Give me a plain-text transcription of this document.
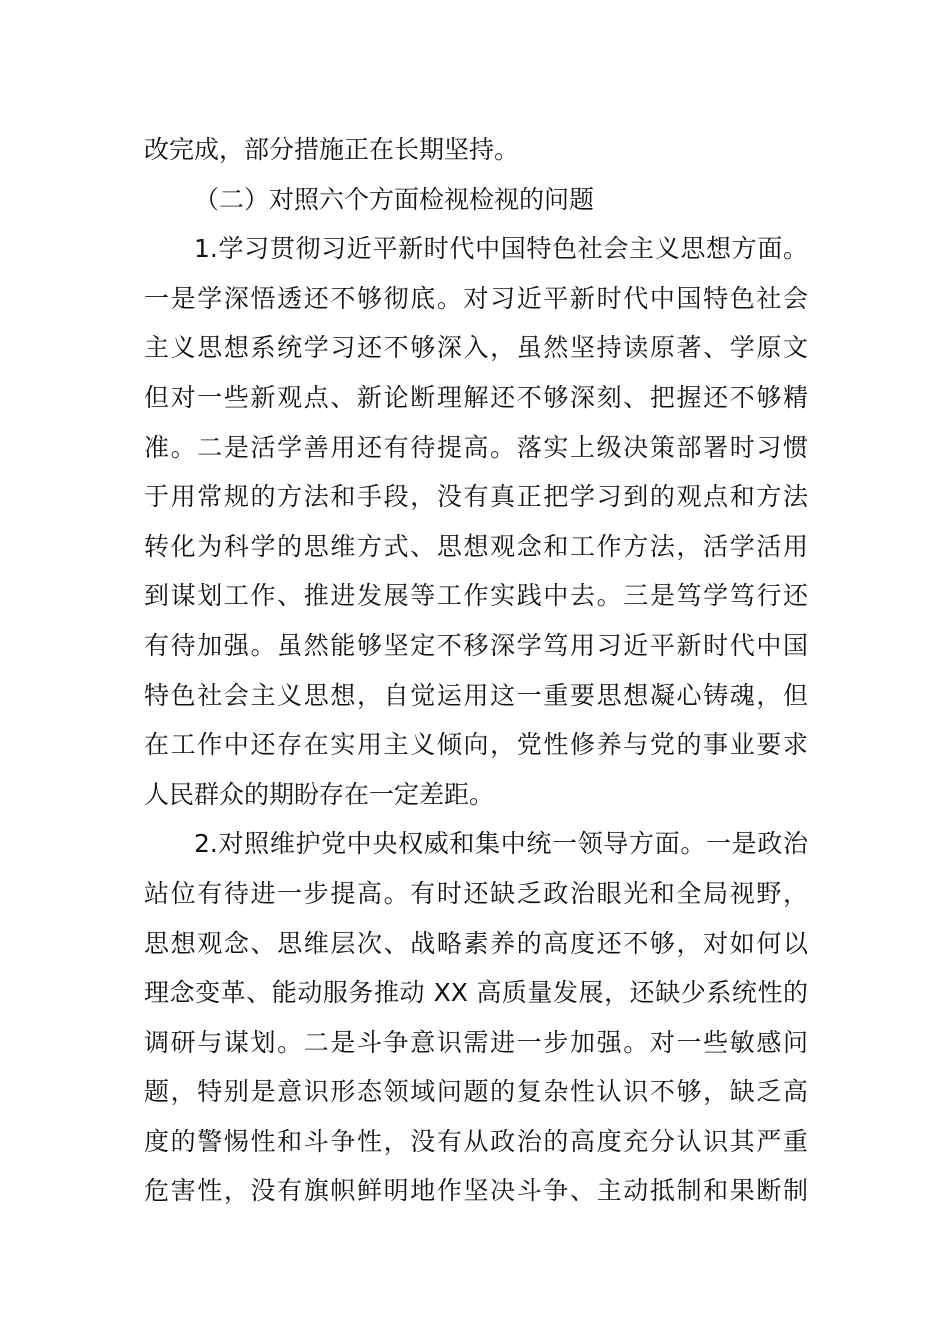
改完成，部分措施正在长期坚持。
（二）对照六个方面检视检视的问题
1.学习贯彻习近平新时代中国特色社会主义思想方面。
一是学深悟透还不够彻底。对习近平新时代中国特色社会
主义思想系统学习还不够深入，虽然坚持读原著、学原文
但对一些新观点、新论断理解还不够深刻、把握还不够精
准。二是活学善用还有待提高。落实上级决策部署时习惯
于用常规的方法和手段，没有真正把学习到的观点和方法
转化为科学的思维方式、思想观念和工作方法，活学活用
到谋划工作、推进发展等工作实践中去。三是笃学笃行还
有待加强。虽然能够坚定不移深学笃用习近平新时代中国
特色社会主义思想，自觉运用这一重要思想凝心铸魂，但
在工作中还存在实用主义倾向，党性修养与党的事业要求
人民群众的期盼存在一定差距。
2.对照维护党中央权威和集中统一领导方面。一是政治
站位有待进一步提高。有时还缺乏政治眼光和全局视野，
思想观念、思维层次、战略素养的高度还不够，对如何以
理念变革、能动服务推动 XX 高质量发展，还缺少系统性的
调研与谋划。二是斗争意识需进一步加强。对一些敏感问
题，特别是意识形态领域问题的复杂性认识不够，缺乏高
度的警惕性和斗争性，没有从政治的高度充分认识其严重
危害性，没有旗帜鲜明地作坚决斗争、主动抵制和果断制
